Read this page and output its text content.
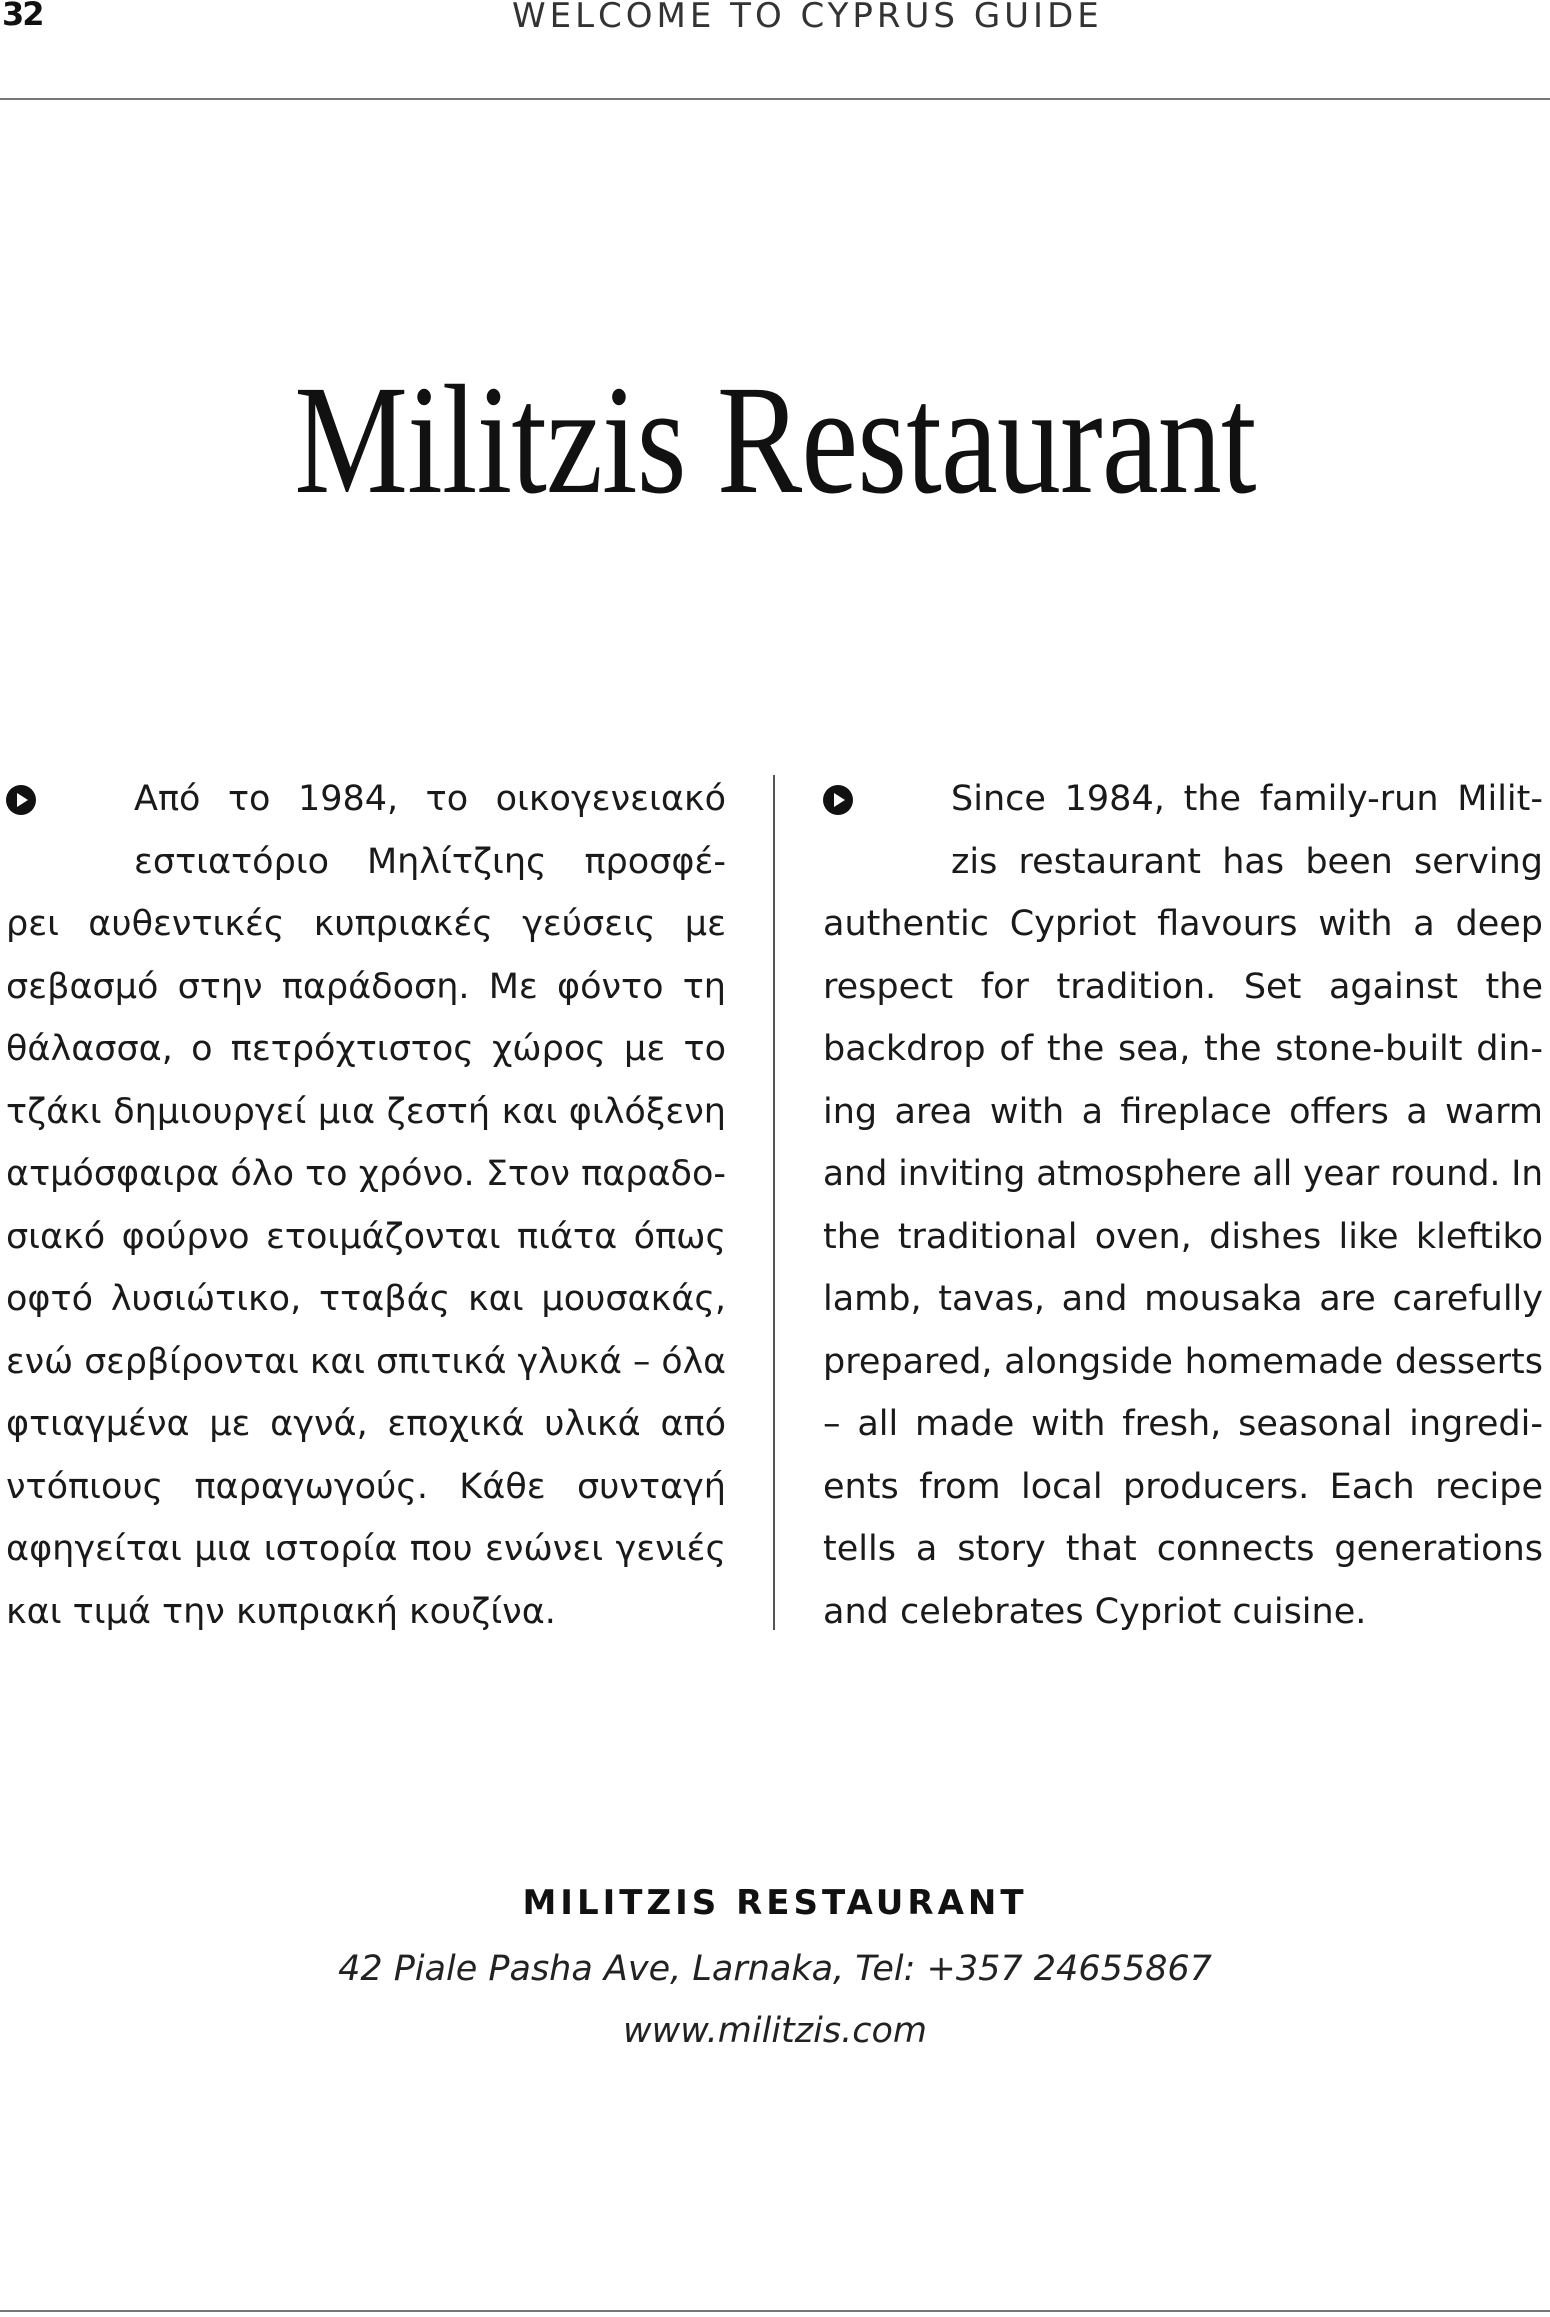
32	WELCOME TO CYPRUS GUIDE
Militzis Restaurant
Από το 1984, το οικογενειακό
εστιατόριο Μηλίτζιης προσφέ-
ρει αυθεντικές κυπριακές γεύσεις με
σεβασμό στην παράδοση. Με φόντο τη
θάλασσα, ο πετρόχτιστος χώρος με το
τζάκι δημιουργεί μια ζεστή και φιλόξενη
ατμόσφαιρα όλο το χρόνο. Στον παραδο-
σιακό φούρνο ετοιμάζονται πιάτα όπως
οφτό λυσιώτικο, τταβάς και μουσακάς,
ενώ σερβίρονται και σπιτικά γλυκά – όλα
φτιαγμένα με αγνά, εποχικά υλικά από
ντόπιους παραγωγούς. Κάθε συνταγή
αφηγείται μια ιστορία που ενώνει γενιές
και τιμά την κυπριακή κουζίνα.
Since 1984, the family-run Milit-
zis restaurant has been serving
authentic Cypriot flavours with a deep
respect for tradition. Set against the
backdrop of the sea, the stone-built din-
ing area with a fireplace offers a warm
and inviting atmosphere all year round. In
the traditional oven, dishes like kleftiko
lamb, tavas, and mousaka are carefully
prepared, alongside homemade desserts
– all made with fresh, seasonal ingredi-
ents from local producers. Each recipe
tells a story that connects generations
and celebrates Cypriot cuisine.
MILITZIS RESTAURANT
42 Piale Pasha Ave, Larnaka, Tel: +357 24655867
www.militzis.com
